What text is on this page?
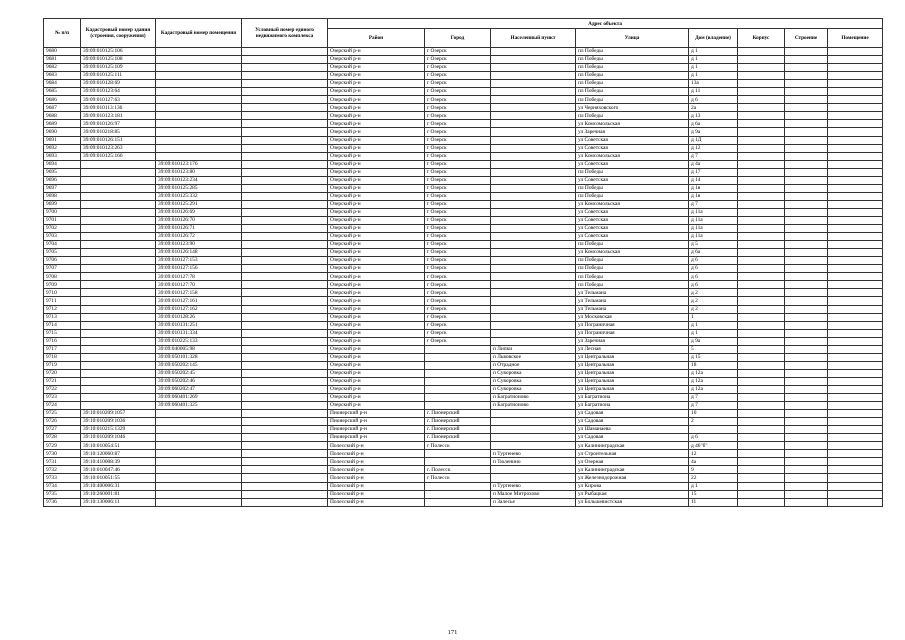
№ п/п	Кадастровый номер здания (строения, сооружения)	Кадастровый номер помещения	Условный номер единого недвижимого комплекса	Адрес объекта							
				Район	Город	Населенный пункт	Улица	Дом (владение)	Корпус	Строение	Помещение
9680	39:09:010125:106			Озерский р-н	г Озерск		пл Победы	д 1			
9681	39:09:010125:108			Озерский р-н	г Озерск		пл Победы	д 1			
9682	39:09:010125:109			Озерский р-н	г Озерск		пл Победы	д 1			
9683	39:09:010125:111			Озерский р-н	г Озерск		пл Победы	д 1			
9684	39:09:010128:69			Озерский р-н	г Озерск		пл Победы	13а			
9685	39:09:010123:64			Озерский р-н	г Озерск		пл Победы	д 11			
9686	39:09:010127:63			Озерский р-н	г Озерск		пл Победы	д 6			
9687	39:09:010113:136			Озерский р-н	г Озерск		ул Черняховского	2а			
9688	39:09:010123:181			Озерский р-н	г Озерск		пл Победы	д 13			
9689	39:09:010126:97			Озерский р-н	г Озерск		ул Комсомольская	д 6а			
9690	39:09:010218:85			Озерский р-н	г Озерск		ул Заречная	д 9а			
9691	39:09:010126:151			Озерский р-н	г Озерск		ул Советская	д 1Д			
9692	39:09:010123:263			Озерский р-н	г Озерск		ул Советская	д 12			
9693	39:09:010125:166			Озерский р-н	г Озерск		ул Комсомольская	д 7			
9694		39:09:010123:176		Озерский р-н	г Озерск		ул Советская	д 4а			
9695		39:09:010123:80		Озерский р-н	г Озерск		пл Победы	д 17			
9696		39:09:010123:234		Озерский р-н	г Озерск		ул Советская	д 14			
9697		39:09:010125:285		Озерский р-н	г Озерск		пл Победы	д 1в			
9698		39:09:010125:332		Озерский р-н	г Озерск		пл Победы	д 1в			
9699		39:09:010125:291		Озерский р-н	г Озерск		ул Комсомольская	д 7			
9700		39:09:010126:69		Озерский р-н	г Озерск		ул Советская	д 11а			
9701		39:09:010126:70		Озерский р-н	г Озерск		ул Советская	д 11а			
9702		39:09:010126:71		Озерский р-н	г Озерск		ул Советская	д 11а			
9703		39:09:010126:72		Озерский р-н	г Озерск		ул Советская	д 11а			
9704		39:09:010123:90		Озерский р-н	г Озерск		пл Победы	д 5			
9705		39:09:010126:148		Озерский р-н	г Озерск		ул Комсомольская	д 6а			
9706		39:09:010127:153		Озерский р-н	г Озерск		пл Победы	д 6			
9707		39:09:010127:156		Озерский р-н	г Озерск		пл Победы	д 6			
9708		39:09:010127:78		Озерский р-н	г Озерск		пл Победы	д 6			
9709		39:09:010127:70		Озерский р-н	г Озерск		пл Победы	д 6			
9710		39:09:010127:158		Озерский р-н	г Озерск		ул Тельмана	д 2			
9711		39:09:010127:161		Озерский р-н	г Озерск		ул Тельмана	д 2			
9712		39:09:010127:162		Озерский р-н	г Озерск		ул Тельмана	д 2			
9713		39:09:010128:26		Озерский р-н	г Озерск		ул Московская	1			
9714		39:09:010131:251		Озерский р-н	г Озерск		ул Пограничная	д 1			
9715		39:09:010131:334		Озерский р-н	г Озерск		ул Пограничная	д 1			
9716		39:09:010225:133		Озерский р-н	г Озерск		ул Заречная	д 9а			
9717		39:09:040005:98		Озерский р-н		п Липки	ул Лесная	5			
9718		39:09:050101:328		Озерский р-н		п Львовское	ул Центральная	д 15			
9719		39:09:050202:145		Озерский р-н		п Отрадное	ул Центральная	18			
9720		39:09:050202:45		Озерский р-н		п Суворовка	ул Центральная	д 12а			
9721		39:09:050202:46		Озерский р-н		п Суворовка	ул Центральная	д 12а			
9722		39:09:060202:47		Озерский р-н		п Суворовка	ул Центральная	д 12а			
9723		39:09:060401:269		Озерский р-н		п Багратионово	ул Багратиона	д 7			
9724		39:09:060401:325		Озерский р-н		п Багратионово	ул Багратиона	д 7			
9725	39:10:010209:1057			Пионерский р-н	г. Пионерский		ул Садовая	10			
9726	39:10:010209:1036			Пионерский р-н	г. Пионерский		ул Садовая	2			
9727	39:10:010215:1329			Пионерский р-н	г. Пионерский		ул Шаманаева				
9728	39:10:010209:1046			Пионерский р-н	г. Пионерский		ул Садовая	д 6			
9729	39:10:010054:51			Полесский р-н	г Полесск		ул Калининградская	д 46"б"			
9730	39:10:120060:87			Полесский р-н		п Тургенево	ул Строительная	12			
9731	39:10:410008:39			Полесский р-н		п Тюленино	ул Озерная	4а			
9732	39:10:010047:46			Полесский р-н	г. Полесск		ул Калининградская	9			
9733	39:10:010051:55			Полесский р-н	г Полесск		ул Железнодорожная	22			
9734	39:10:400006:31			Полесский р-н		п Тургенево	ул Кирова	д 1			
9735	39:10:260001:81			Полесский р-н		п Малое Митрохово	ул Рыбацкая	15			
9736	39:10:130006:11			Полесский р-н		п Залесье	ул Большевистская	11			
171
